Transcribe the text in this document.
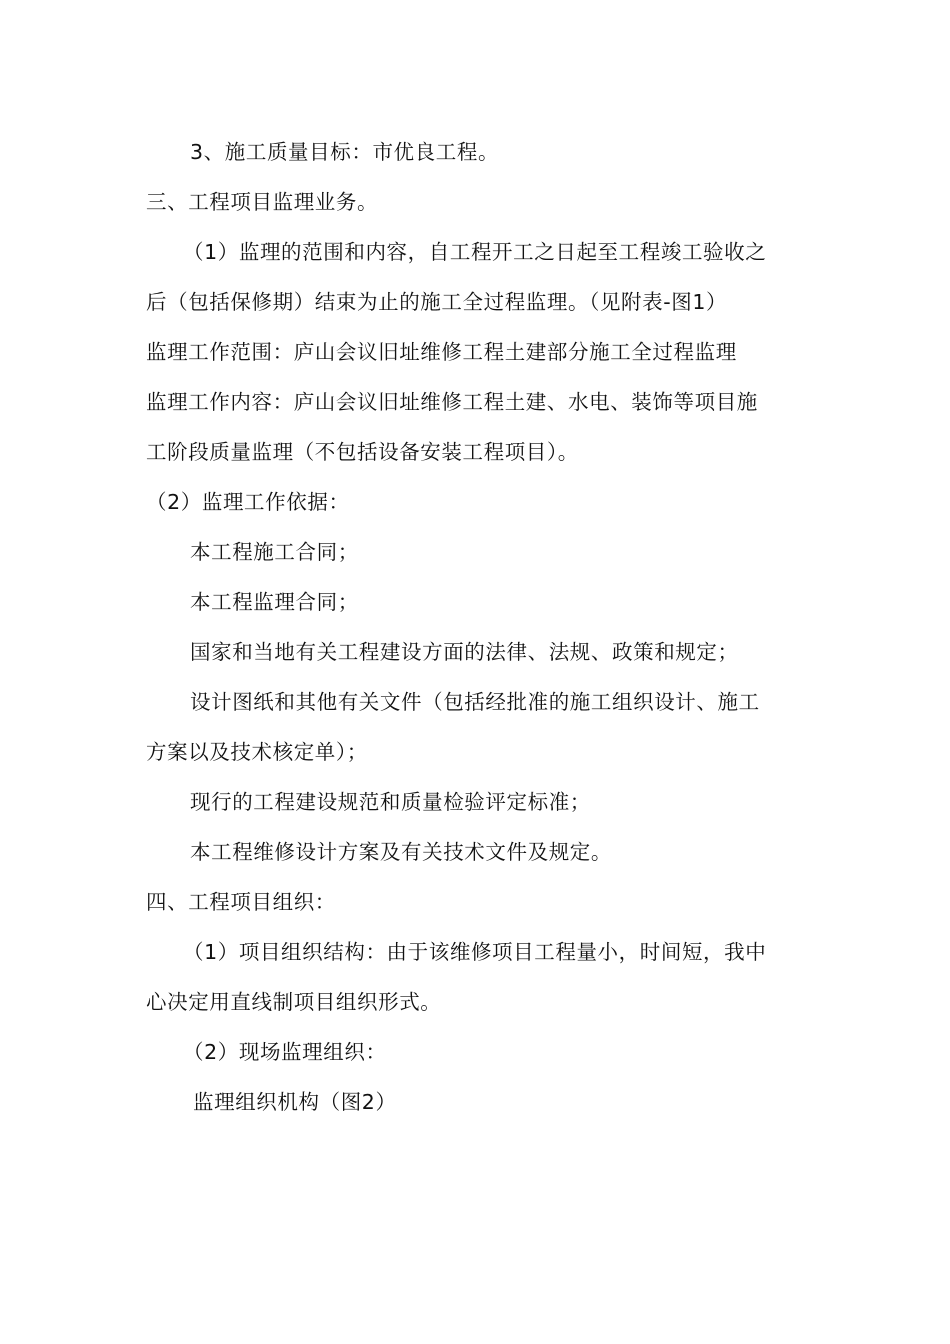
3、施工质量目标：市优良工程。
三、工程项目监理业务。
（1）监理的范围和内容，自工程开工之日起至工程竣工验收之
后（包括保修期）结束为止的施工全过程监理。（见附表-图1）
监理工作范围：庐山会议旧址维修工程土建部分施工全过程监理
监理工作内容：庐山会议旧址维修工程土建、水电、装饰等项目施
工阶段质量监理（不包括设备安装工程项目）。
（2）监理工作依据：
本工程施工合同；
本工程监理合同；
国家和当地有关工程建设方面的法律、法规、政策和规定；
设计图纸和其他有关文件（包括经批准的施工组织设计、施工
方案以及技术核定单）；
现行的工程建设规范和质量检验评定标准；
本工程维修设计方案及有关技术文件及规定。
四、工程项目组织：
（1）项目组织结构：由于该维修项目工程量小，时间短，我中
心决定用直线制项目组织形式。
（2）现场监理组织：
监理组织机构（图2）
